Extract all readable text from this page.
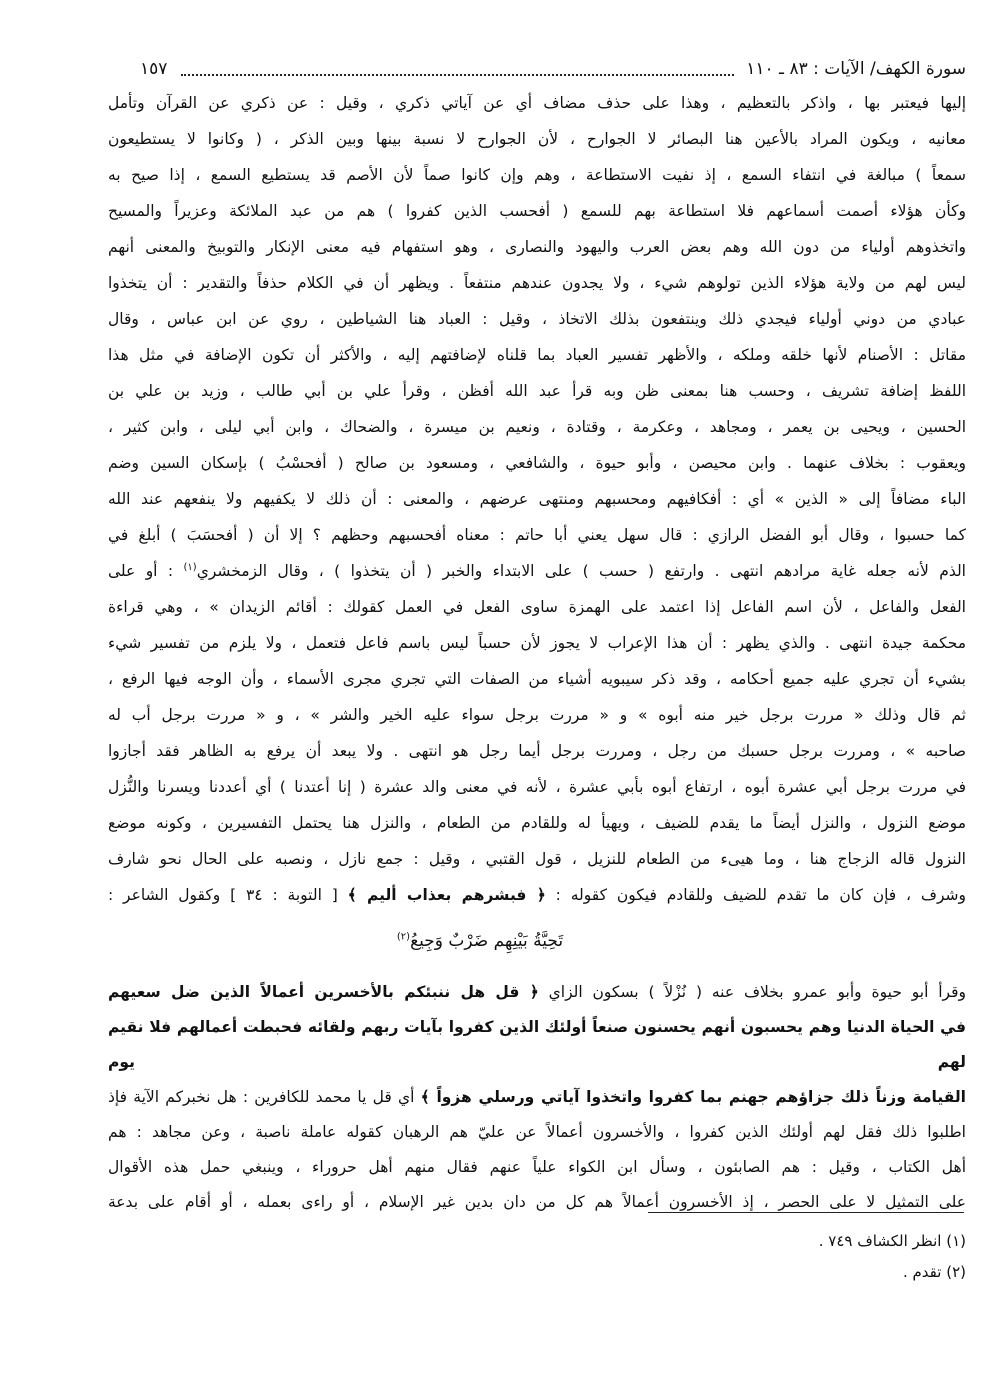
سورة الكهف/ الآيات : ٨٣ ـ ١١٠
١٥٧
إليها فيعتبر بها ، واذكر بالتعظيم ، وهذا على حذف مضاف أي عن آياتي ذكري ، وقيل : عن ذكري عن القرآن وتأمل
معانيه ، ويكون المراد بالأعين هنا البصائر لا الجوارح ، لأن الجوارح لا نسبة بينها وبين الذكر ، ( وكانوا لا يستطيعون
سمعاً ) مبالغة في انتفاء السمع ، إذ نفيت الاستطاعة ، وهم وإن كانوا صماً لأن الأصم قد يستطيع السمع ، إذا صيح به
وكأن هؤلاء أصمت أسماعهم فلا استطاعة بهم للسمع ( أفحسب الذين كفروا ) هم من عبد الملائكة وعزيراً والمسيح
واتخذوهم أولياء من دون الله وهم بعض العرب واليهود والنصارى ، وهو استفهام فيه معنى الإنكار والتوبيخ والمعنى أنهم
ليس لهم من ولاية هؤلاء الذين تولوهم شيء ، ولا يجدون عندهم منتفعاً . ويظهر أن في الكلام حذفاً والتقدير : أن يتخذوا
عبادي من دوني أولياء فيجدي ذلك وينتفعون بذلك الاتخاذ ، وقيل : العباد هنا الشياطين ، روي عن ابن عباس ، وقال
مقاتل : الأصنام لأنها خلقه وملكه ، والأظهر تفسير العباد بما قلناه لإضافتهم إليه ، والأكثر أن تكون الإضافة في مثل هذا
اللفظ إضافة تشريف ، وحسب هنا بمعنى ظن وبه قرأ عبد الله أفظن ، وقرأ علي بن أبي طالب ، وزيد بن علي بن
الحسين ، ويحيى بن يعمر ، ومجاهد ، وعكرمة ، وقتادة ، ونعيم بن ميسرة ، والضحاك ، وابن أبي ليلى ، وابن كثير ،
ويعقوب : بخلاف عنهما . وابن محيصن ، وأبو حيوة ، والشافعي ، ومسعود بن صالح ( أفحسْبُ ) بإسكان السين وضم
الباء مضافاً إلى « الذين » أي : أفكافيهم ومحسبهم ومنتهى عرضهم ، والمعنى : أن ذلك لا يكفيهم ولا ينفعهم عند الله
كما حسبوا ، وقال أبو الفضل الرازي : قال سهل يعني أبا حاتم : معناه أفحسبهم وحظهم ؟ إلا أن ( أفحسَبَ ) أبلغ في
الذم لأنه جعله غاية مرادهم انتهى . وارتفع ( حسب ) على الابتداء والخبر ( أن يتخذوا ) ، وقال الزمخشري$^{(١)}$ : أو على
الفعل والفاعل ، لأن اسم الفاعل إذا اعتمد على الهمزة ساوى الفعل في العمل كقولك : أقائم الزيدان » ، وهي قراءة
محكمة جيدة انتهى . والذي يظهر : أن هذا الإعراب لا يجوز لأن حسباً ليس باسم فاعل فتعمل ، ولا يلزم من تفسير شيء
بشيء أن تجري عليه جميع أحكامه ، وقد ذكر سيبويه أشياء من الصفات التي تجري مجرى الأسماء ، وأن الوجه فيها الرفع ،
ثم قال وذلك « مررت برجل خير منه أبوه » و « مررت برجل سواء عليه الخير والشر » ، و « مررت برجل أب له
صاحبه » ، ومررت برجل حسبك من رجل ، ومررت برجل أيما رجل هو انتهى . ولا يبعد أن يرفع به الظاهر فقد أجازوا
في مررت برجل أبي عشرة أبوه ، ارتفاع أبوه بأبي عشرة ، لأنه في معنى والد عشرة ( إنا أعتدنا ) أي أعددنا ويسرنا والنُّزل
موضع النزول ، والنزل أيضاً ما يقدم للضيف ، ويهيأ له وللقادم من الطعام ، والنزل هنا يحتمل التفسيرين ، وكونه موضع
النزول قاله الزجاج هنا ، وما هيىء من الطعام للنزيل ، قول القتبي ، وقيل : جمع نازل ، ونصبه على الحال نحو شارف
وشرف ، فإن كان ما تقدم للضيف وللقادم فيكون كقوله : ﴿ فبشرهم بعذاب أليم ﴾ [ التوبة : ٣٤ ] وكقول الشاعر :
تَحِيَّةُ بَيْنِهِم ضَرْبٌ وَجِيعُ$^{(٢)}$
وقرأ أبو حيوة وأبو عمرو بخلاف عنه ( نُزْلاً ) بسكون الزاي ﴿ قل هل ننبئكم بالأخسرين أعمالاً الذين ضل سعيهم
في الحياة الدنيا وهم يحسبون أنهم يحسنون صنعاً أولئك الذين كفروا بآيات ربهم ولقائه فحبطت أعمالهم فلا نقيم لهم يوم
القيامة وزناً ذلك جزاؤهم جهنم بما كفروا واتخذوا آياتي ورسلي هزواً ﴾ أي قل يا محمد للكافرين : هل نخبركم الآية فإذ
اطلبوا ذلك فقل لهم أولئك الذين كفروا ، والأخسرون أعمالاً عن عليّ هم الرهبان كقوله عاملة ناصبة ، وعن مجاهد : هم
أهل الكتاب ، وقيل : هم الصابئون ، وسأل ابن الكواء علياً عنهم فقال منهم أهل حروراء ، وينبغي حمل هذه الأقوال
على التمثيل لا على الحصر ، إذ الأخسرون أعمالاً هم كل من دان بدين غير الإسلام ، أو راءى بعمله ، أو أقام على بدعة
(١) انظر الكشاف ٧٤٩ .
(٢) تقدم .
